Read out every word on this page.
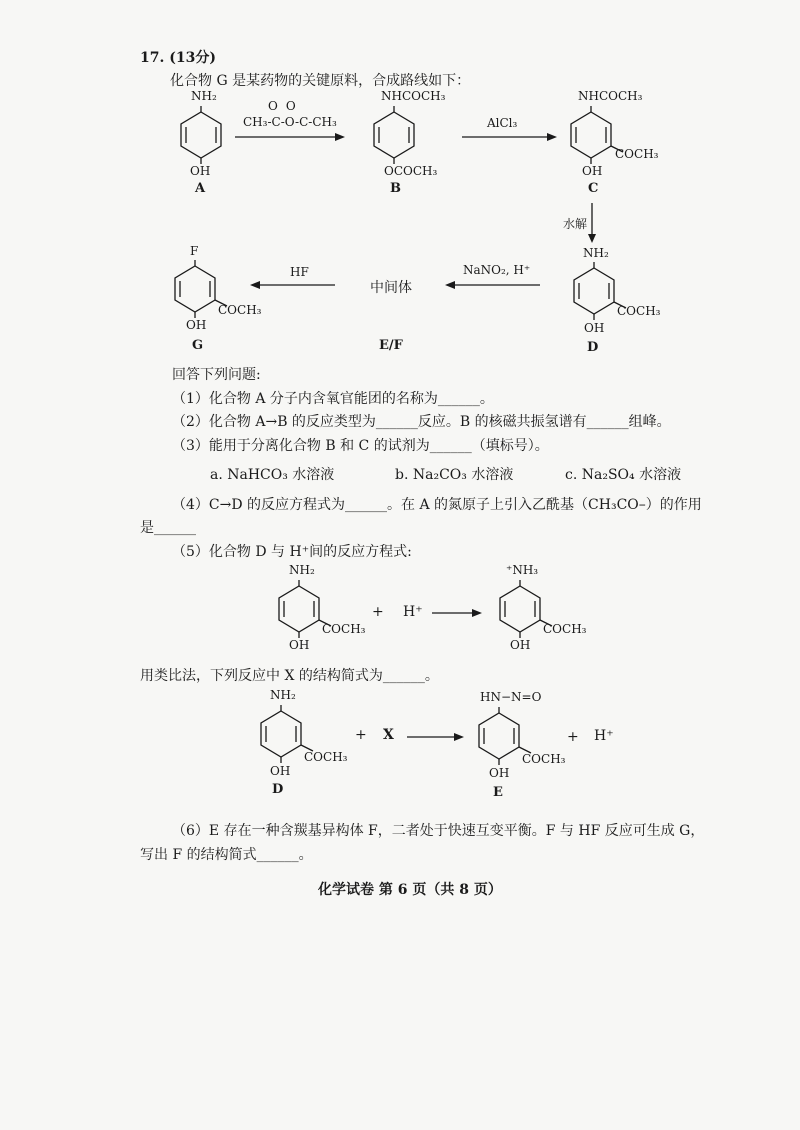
17. (13分)
化合物 G 是某药物的关键原料，合成路线如下：
NH₂
OH
A
OO
CH₃-C-O-C-CH₃
NHCOCH₃
OCOCH₃
B
AlCl₃
NHCOCH₃
COCH₃
OH
C
水解
F
COCH₃
OH
G
HF
中间体
E/F
NaNO₂, H⁺
NH₂
COCH₃
OH
D
回答下列问题:
（1）化合物 A 分子内含氧官能团的名称为______。
（2）化合物 A→B 的反应类型为______反应。B 的核磁共振氢谱有______组峰。
（3）能用于分离化合物 B 和 C 的试剂为______（填标号）。
a. NaHCO₃ 水溶液	b. Na₂CO₃ 水溶液	c. Na₂SO₄ 水溶液
（4）C→D 的反应方程式为______。在 A 的氮原子上引入乙酰基（CH₃CO–）的作用
是______
（5）化合物 D 与 H⁺间的反应方程式:
NH₂
COCH₃
OH
+ H⁺
⁺NH₃
COCH₃
OH
用类比法，下列反应中 X 的结构简式为______。
NH₂
COCH₃
OH
D
+ X
HN−N=O
COCH₃
OH
E
+ H⁺
（6）E 存在一种含羰基异构体 F，二者处于快速互变平衡。F 与 HF 反应可生成 G，
写出 F 的结构简式______。
化学试卷 第 6 页（共 8 页）
